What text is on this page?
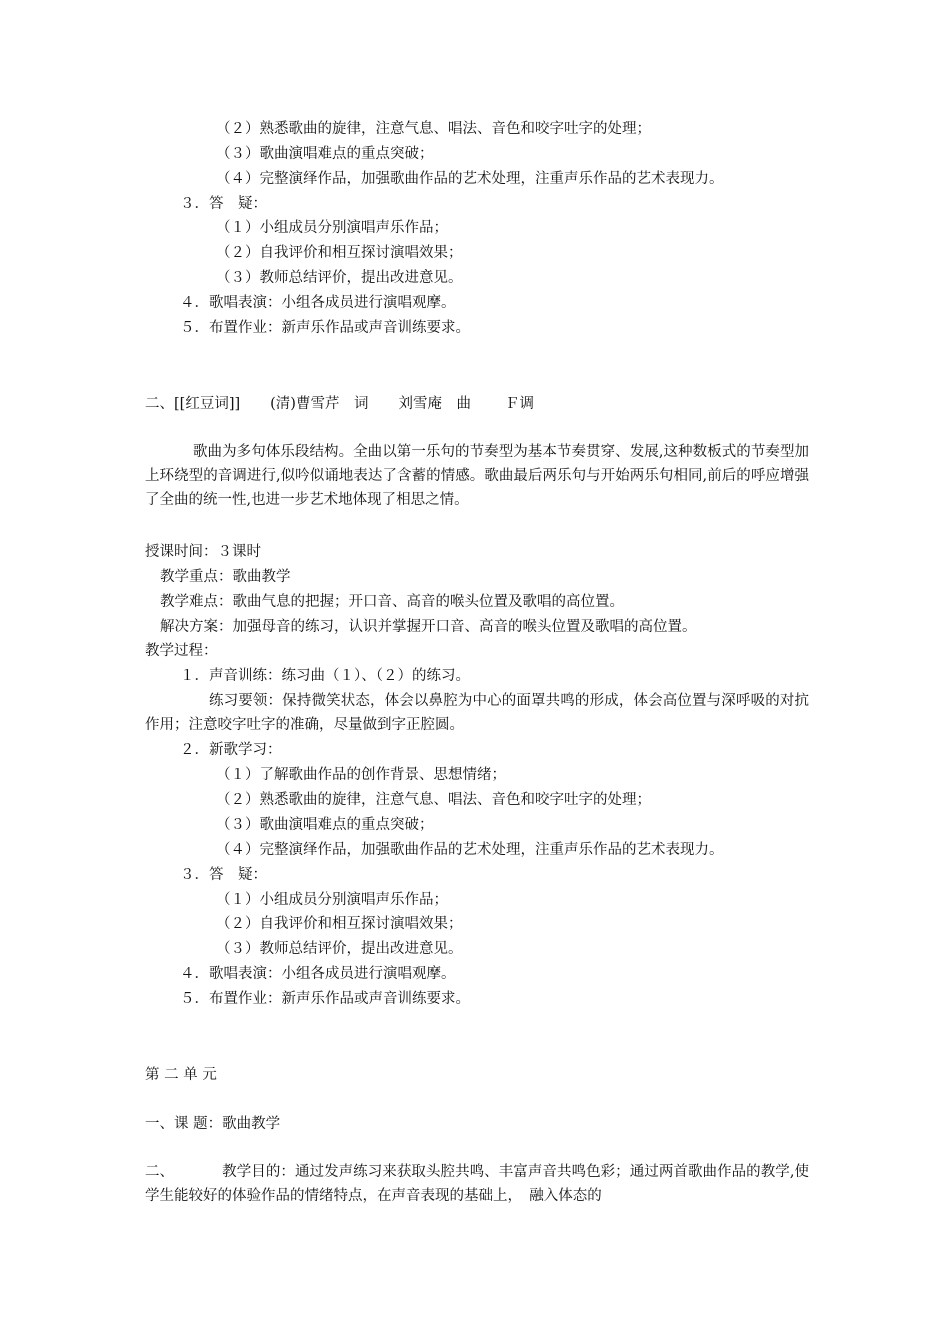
（２）熟悉歌曲的旋律，注意气息、唱法、音色和咬字吐字的处理；
（３）歌曲演唱难点的重点突破；
（４）完整演绎作品，加强歌曲作品的艺术处理，注重声乐作品的艺术表现力。
３．答　疑：
（１）小组成员分别演唱声乐作品；
（２）自我评价和相互探讨演唱效果；
（３）教师总结评价，提出改进意见。
４．歌唱表演：小组各成员进行演唱观摩。
５．布置作业：新声乐作品或声音训练要求。
二、[[红豆词]] (清)曹雪芹　词 刘雪庵　曲 Ｆ调
歌曲为多句体乐段结构。全曲以第一乐句的节奏型为基本节奏贯穿、发展,这种数板式的节奏型加上环绕型的音调进行,似吟似诵地表达了含蓄的情感。歌曲最后两乐句与开始两乐句相同,前后的呼应增强了全曲的统一性,也进一步艺术地体现了相思之情。
授课时间：３课时
教学重点：歌曲教学
教学难点：歌曲气息的把握；开口音、高音的喉头位置及歌唱的高位置。
解决方案：加强母音的练习，认识并掌握开口音、高音的喉头位置及歌唱的高位置。
教学过程：
１．声音训练：练习曲（１）、（２）的练习。
练习要领：保持微笑状态，体会以鼻腔为中心的面罩共鸣的形成，体会高位置与深呼吸的对抗作用；注意咬字吐字的准确，尽量做到字正腔圆。
２．新歌学习：
（１）了解歌曲作品的创作背景、思想情绪；
（２）熟悉歌曲的旋律，注意气息、唱法、音色和咬字吐字的处理；
（３）歌曲演唱难点的重点突破；
（４）完整演绎作品，加强歌曲作品的艺术处理，注重声乐作品的艺术表现力。
３．答　疑：
（１）小组成员分别演唱声乐作品；
（２）自我评价和相互探讨演唱效果；
（３）教师总结评价，提出改进意见。
４．歌唱表演：小组各成员进行演唱观摩。
５．布置作业：新声乐作品或声音训练要求。
第 二 单 元
一、课 题：歌曲教学
二、	教学目的：通过发声练习来获取头腔共鸣、丰富声音共鸣色彩；通过两首歌曲作品的教学,使学生能较好的体验作品的情绪特点，在声音表现的基础上，　融入体态的
